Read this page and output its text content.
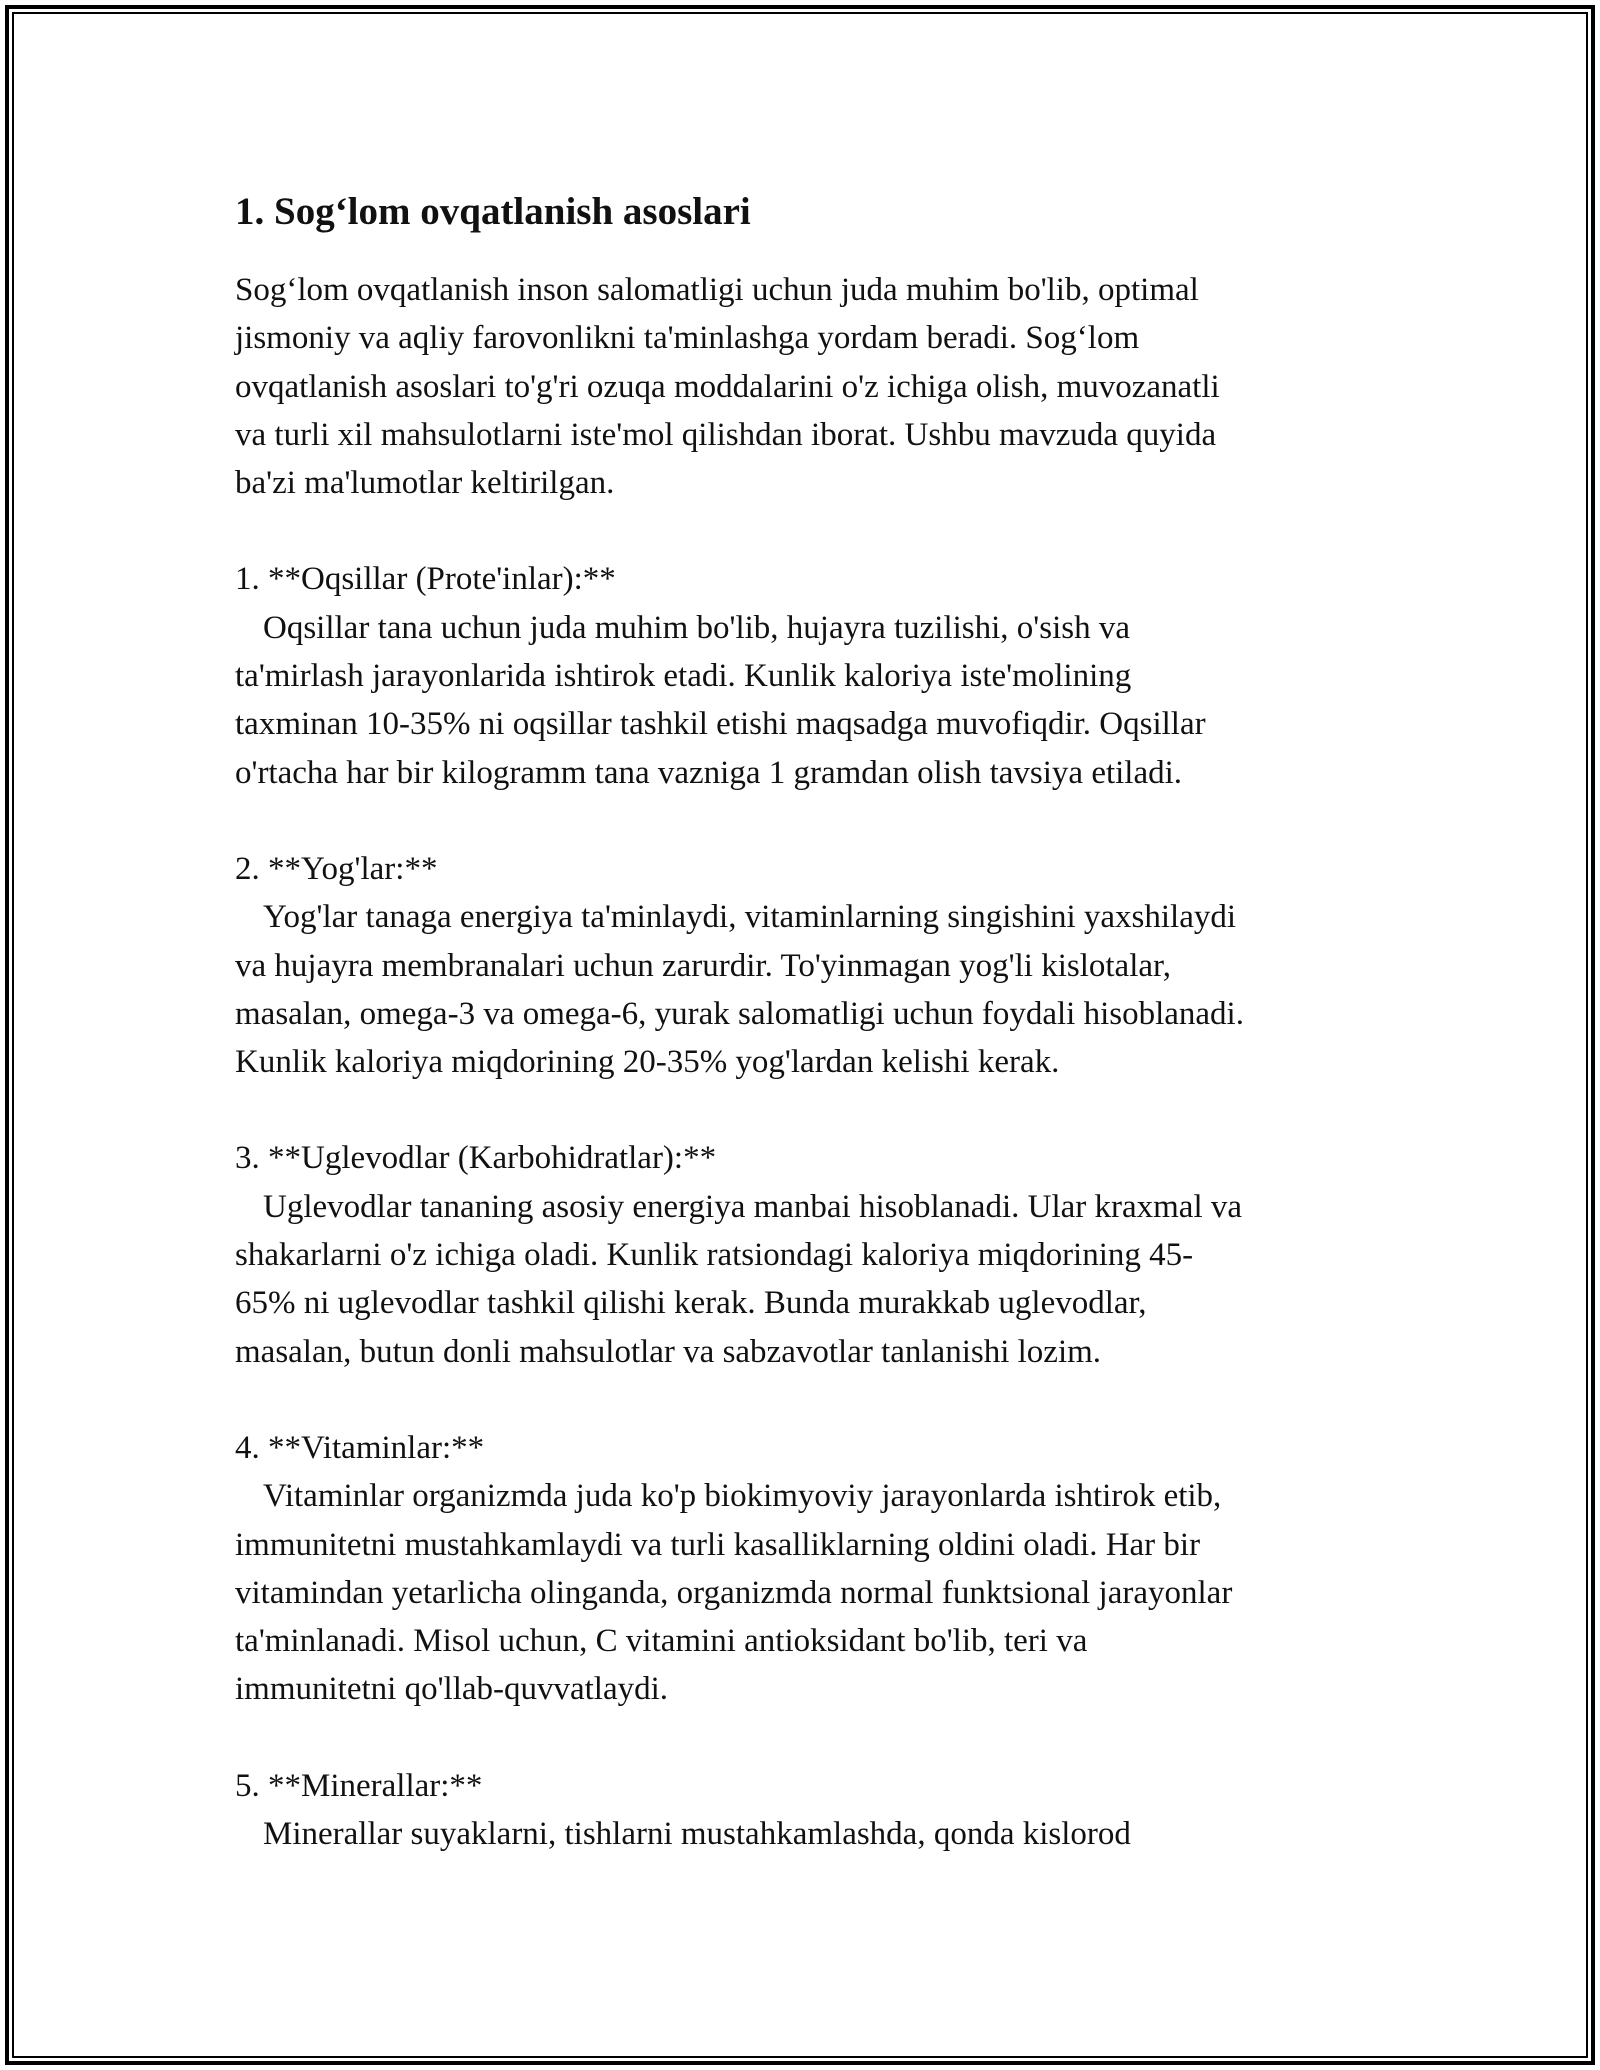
1. Sog‘lom ovqatlanish asoslari
Sog‘lom ovqatlanish inson salomatligi uchun juda muhim bo'lib, optimal
jismoniy va aqliy farovonlikni ta'minlashga yordam beradi. Sog‘lom
ovqatlanish asoslari to'g'ri ozuqa moddalarini o'z ichiga olish, muvozanatli
va turli xil mahsulotlarni iste'mol qilishdan iborat. Ushbu mavzuda quyida
ba'zi ma'lumotlar keltirilgan.
1. **Oqsillar (Prote'inlar):**
Oqsillar tana uchun juda muhim bo'lib, hujayra tuzilishi, o'sish va
ta'mirlash jarayonlarida ishtirok etadi. Kunlik kaloriya iste'molining
taxminan 10-35% ni oqsillar tashkil etishi maqsadga muvofiqdir. Oqsillar
o'rtacha har bir kilogramm tana vazniga 1 gramdan olish tavsiya etiladi.
2. **Yog'lar:**
Yog'lar tanaga energiya ta'minlaydi, vitaminlarning singishini yaxshilaydi
va hujayra membranalari uchun zarurdir. To'yinmagan yog'li kislotalar,
masalan, omega-3 va omega-6, yurak salomatligi uchun foydali hisoblanadi.
Kunlik kaloriya miqdorining 20-35% yog'lardan kelishi kerak.
3. **Uglevodlar (Karbohidratlar):**
Uglevodlar tananing asosiy energiya manbai hisoblanadi. Ular kraxmal va
shakarlarni o'z ichiga oladi. Kunlik ratsiondagi kaloriya miqdorining 45-
65% ni uglevodlar tashkil qilishi kerak. Bunda murakkab uglevodlar,
masalan, butun donli mahsulotlar va sabzavotlar tanlanishi lozim.
4. **Vitaminlar:**
Vitaminlar organizmda juda ko'p biokimyoviy jarayonlarda ishtirok etib,
immunitetni mustahkamlaydi va turli kasalliklarning oldini oladi. Har bir
vitamindan yetarlicha olinganda, organizmda normal funktsional jarayonlar
ta'minlanadi. Misol uchun, C vitamini antioksidant bo'lib, teri va
immunitetni qo'llab-quvvatlaydi.
5. **Minerallar:**
Minerallar suyaklarni, tishlarni mustahkamlashda, qonda kislorod
